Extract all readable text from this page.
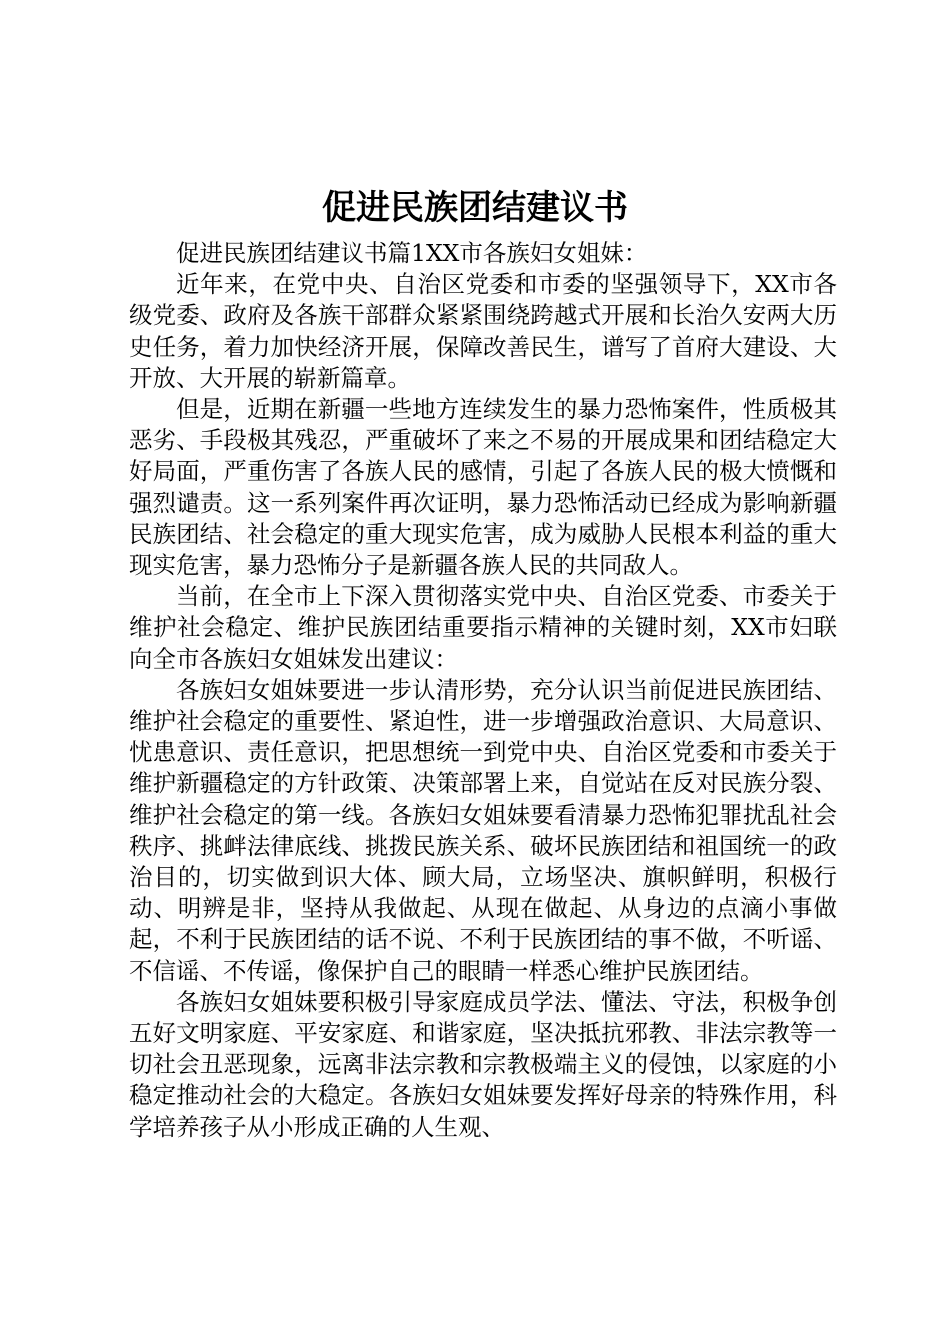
促进民族团结建议书

促进民族团结建议书篇1XX市各族妇女姐妹：

近年来，在党中央、自治区党委和市委的坚强领导下，XX市各级党委、政府及各族干部群众紧紧围绕跨越式开展和长治久安两大历史任务，着力加快经济开展，保障改善民生，谱写了首府大建设、大开放、大开展的崭新篇章。

但是，近期在新疆一些地方连续发生的暴力恐怖案件，性质极其恶劣、手段极其残忍，严重破坏了来之不易的开展成果和团结稳定大好局面，严重伤害了各族人民的感情，引起了各族人民的极大愤慨和强烈谴责。这一系列案件再次证明，暴力恐怖活动已经成为影响新疆民族团结、社会稳定的重大现实危害，成为威胁人民根本利益的重大现实危害，暴力恐怖分子是新疆各族人民的共同敌人。

当前，在全市上下深入贯彻落实党中央、自治区党委、市委关于维护社会稳定、维护民族团结重要指示精神的关键时刻，XX市妇联向全市各族妇女姐妹发出建议：

各族妇女姐妹要进一步认清形势，充分认识当前促进民族团结、维护社会稳定的重要性、紧迫性，进一步增强政治意识、大局意识、忧患意识、责任意识，把思想统一到党中央、自治区党委和市委关于维护新疆稳定的方针政策、决策部署上来，自觉站在反对民族分裂、维护社会稳定的第一线。各族妇女姐妹要看清暴力恐怖犯罪扰乱社会秩序、挑衅法律底线、挑拨民族关系、破坏民族团结和祖国统一的政治目的，切实做到识大体、顾大局，立场坚决、旗帜鲜明，积极行动、明辨是非，坚持从我做起、从现在做起、从身边的点滴小事做起，不利于民族团结的话不说、不利于民族团结的事不做，不听谣、不信谣、不传谣，像保护自己的眼睛一样悉心维护民族团结。

各族妇女姐妹要积极引导家庭成员学法、懂法、守法，积极争创五好文明家庭、平安家庭、和谐家庭，坚决抵抗邪教、非法宗教等一切社会丑恶现象，远离非法宗教和宗教极端主义的侵蚀，以家庭的小稳定推动社会的大稳定。各族妇女姐妹要发挥好母亲的特殊作用，科学培养孩子从小形成正确的人生观、
